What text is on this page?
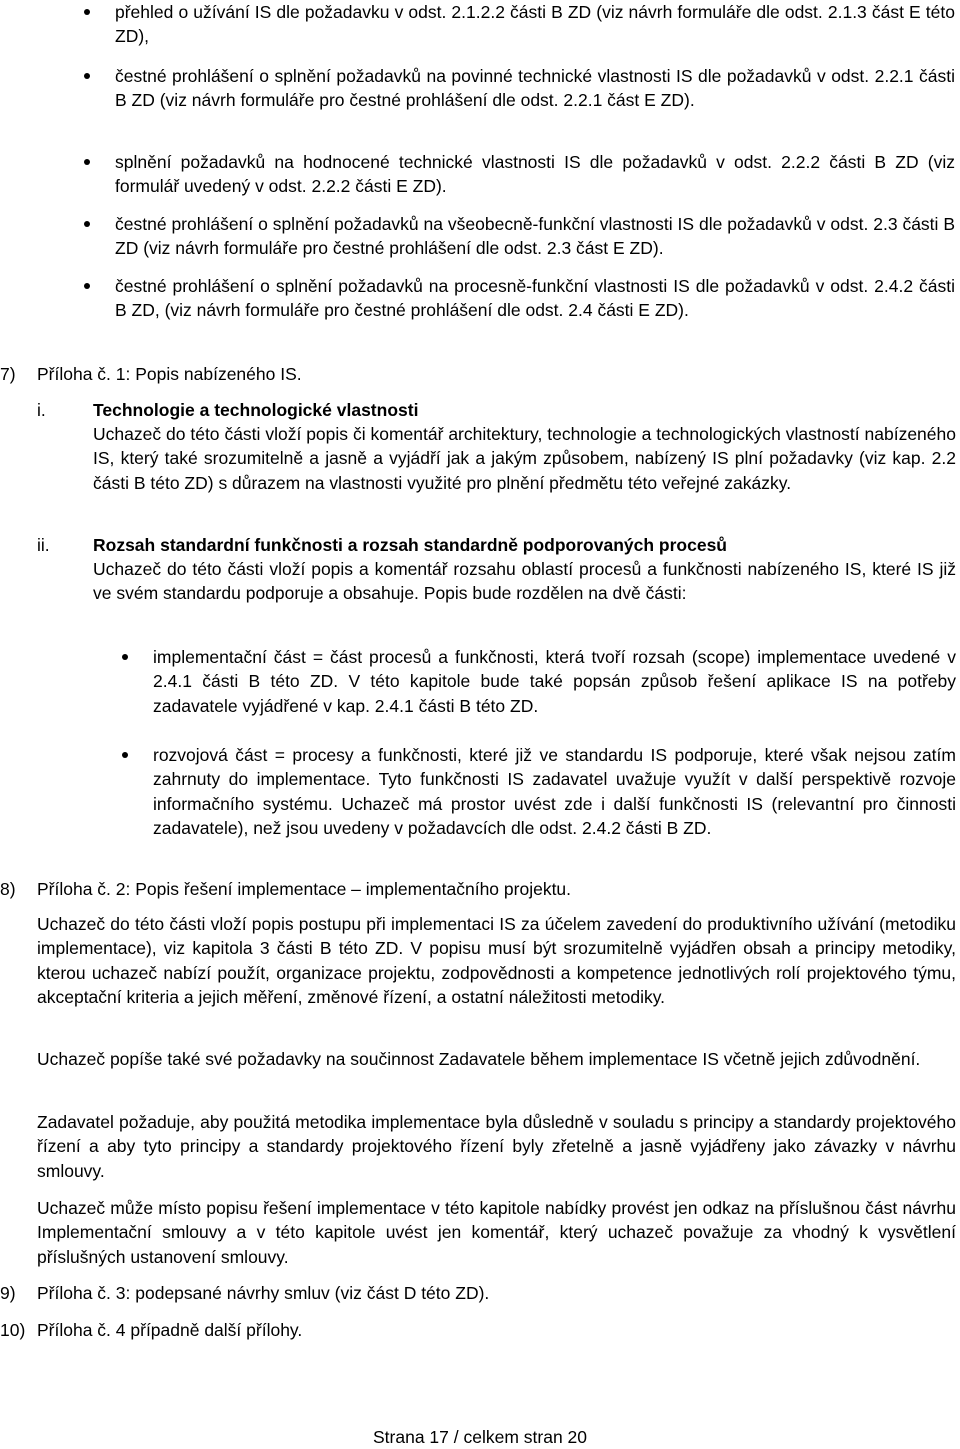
přehled o užívání IS dle požadavku v odst. 2.1.2.2 části B ZD (viz návrh formuláře dle odst. 2.1.3 část E této ZD),

čestné prohlášení o splnění požadavků na povinné technické vlastnosti IS dle požadavků v odst. 2.2.1 části B ZD (viz návrh formuláře pro čestné prohlášení dle odst. 2.2.1 část E ZD).

splnění požadavků na hodnocené technické vlastnosti IS dle požadavků v odst. 2.2.2 části B ZD (viz formulář uvedený v odst. 2.2.2 části E ZD).

čestné prohlášení o splnění požadavků na všeobecně-funkční vlastnosti IS dle požadavků v odst. 2.3 části B ZD (viz návrh formuláře pro čestné prohlášení dle odst. 2.3 část E ZD).

čestné prohlášení o splnění požadavků na procesně-funkční vlastnosti IS dle požadavků v odst. 2.4.2 části B ZD, (viz návrh formuláře pro čestné prohlášení dle odst. 2.4 části E ZD).

7) Příloha č. 1: Popis nabízeného IS.

i.	Technologie a technologické vlastnosti

Uchazeč do této části vloží popis či komentář architektury, technologie a technologických vlastností nabízeného IS, který také srozumitelně a jasně a vyjádří jak a jakým způsobem, nabízený IS plní požadavky (viz kap. 2.2 části B této ZD) s důrazem na vlastnosti využité pro plnění předmětu této veřejné zakázky.

ii. Rozsah standardní funkčnosti a rozsah standardně podporovaných procesů

Uchazeč do této části vloží popis a komentář rozsahu oblastí procesů a funkčnosti nabízeného IS, které IS již ve svém standardu podporuje a obsahuje. Popis bude rozdělen na dvě části:

implementační část = část procesů a funkčnosti, která tvoří rozsah (scope) implementace uvedené v 2.4.1 části B této ZD. V této kapitole bude také popsán způsob řešení aplikace IS na potřeby zadavatele vyjádřené v kap. 2.4.1 části B této ZD.

rozvojová část = procesy a funkčnosti, které již ve standardu IS podporuje, které však nejsou zatím zahrnuty do implementace. Tyto funkčnosti IS zadavatel uvažuje využít v další perspektivě rozvoje informačního systému. Uchazeč má prostor uvést zde i další funkčnosti IS (relevantní pro činnosti zadavatele), než jsou uvedeny v požadavcích dle odst. 2.4.2 části B ZD.

8) Příloha č. 2: Popis řešení implementace – implementačního projektu.

Uchazeč do této části vloží popis postupu při implementaci IS za účelem zavedení do produktivního užívání (metodiku implementace), viz kapitola 3 části B této ZD. V popisu musí být srozumitelně vyjádřen obsah a principy metodiky, kterou uchazeč nabízí použít, organizace projektu, zodpovědnosti a kompetence jednotlivých rolí projektového týmu, akceptační kriteria a jejich měření, změnové řízení, a ostatní náležitosti metodiky.

Uchazeč popíše také své požadavky na součinnost Zadavatele během implementace IS včetně jejich zdůvodnění.

Zadavatel požaduje, aby použitá metodika implementace byla důsledně v souladu s principy a standardy projektového řízení a aby tyto principy a standardy projektového řízení byly zřetelně a jasně vyjádřeny jako závazky v návrhu smlouvy.

Uchazeč může místo popisu řešení implementace v této kapitole nabídky provést jen odkaz na příslušnou část návrhu Implementační smlouvy a v této kapitole uvést jen komentář, který uchazeč považuje za vhodný k vysvětlení příslušných ustanovení smlouvy.

9) Příloha č. 3: podepsané návrhy smluv (viz část D této ZD).

10) Příloha č. 4 případně další přílohy.

Strana 17 / celkem stran 20
